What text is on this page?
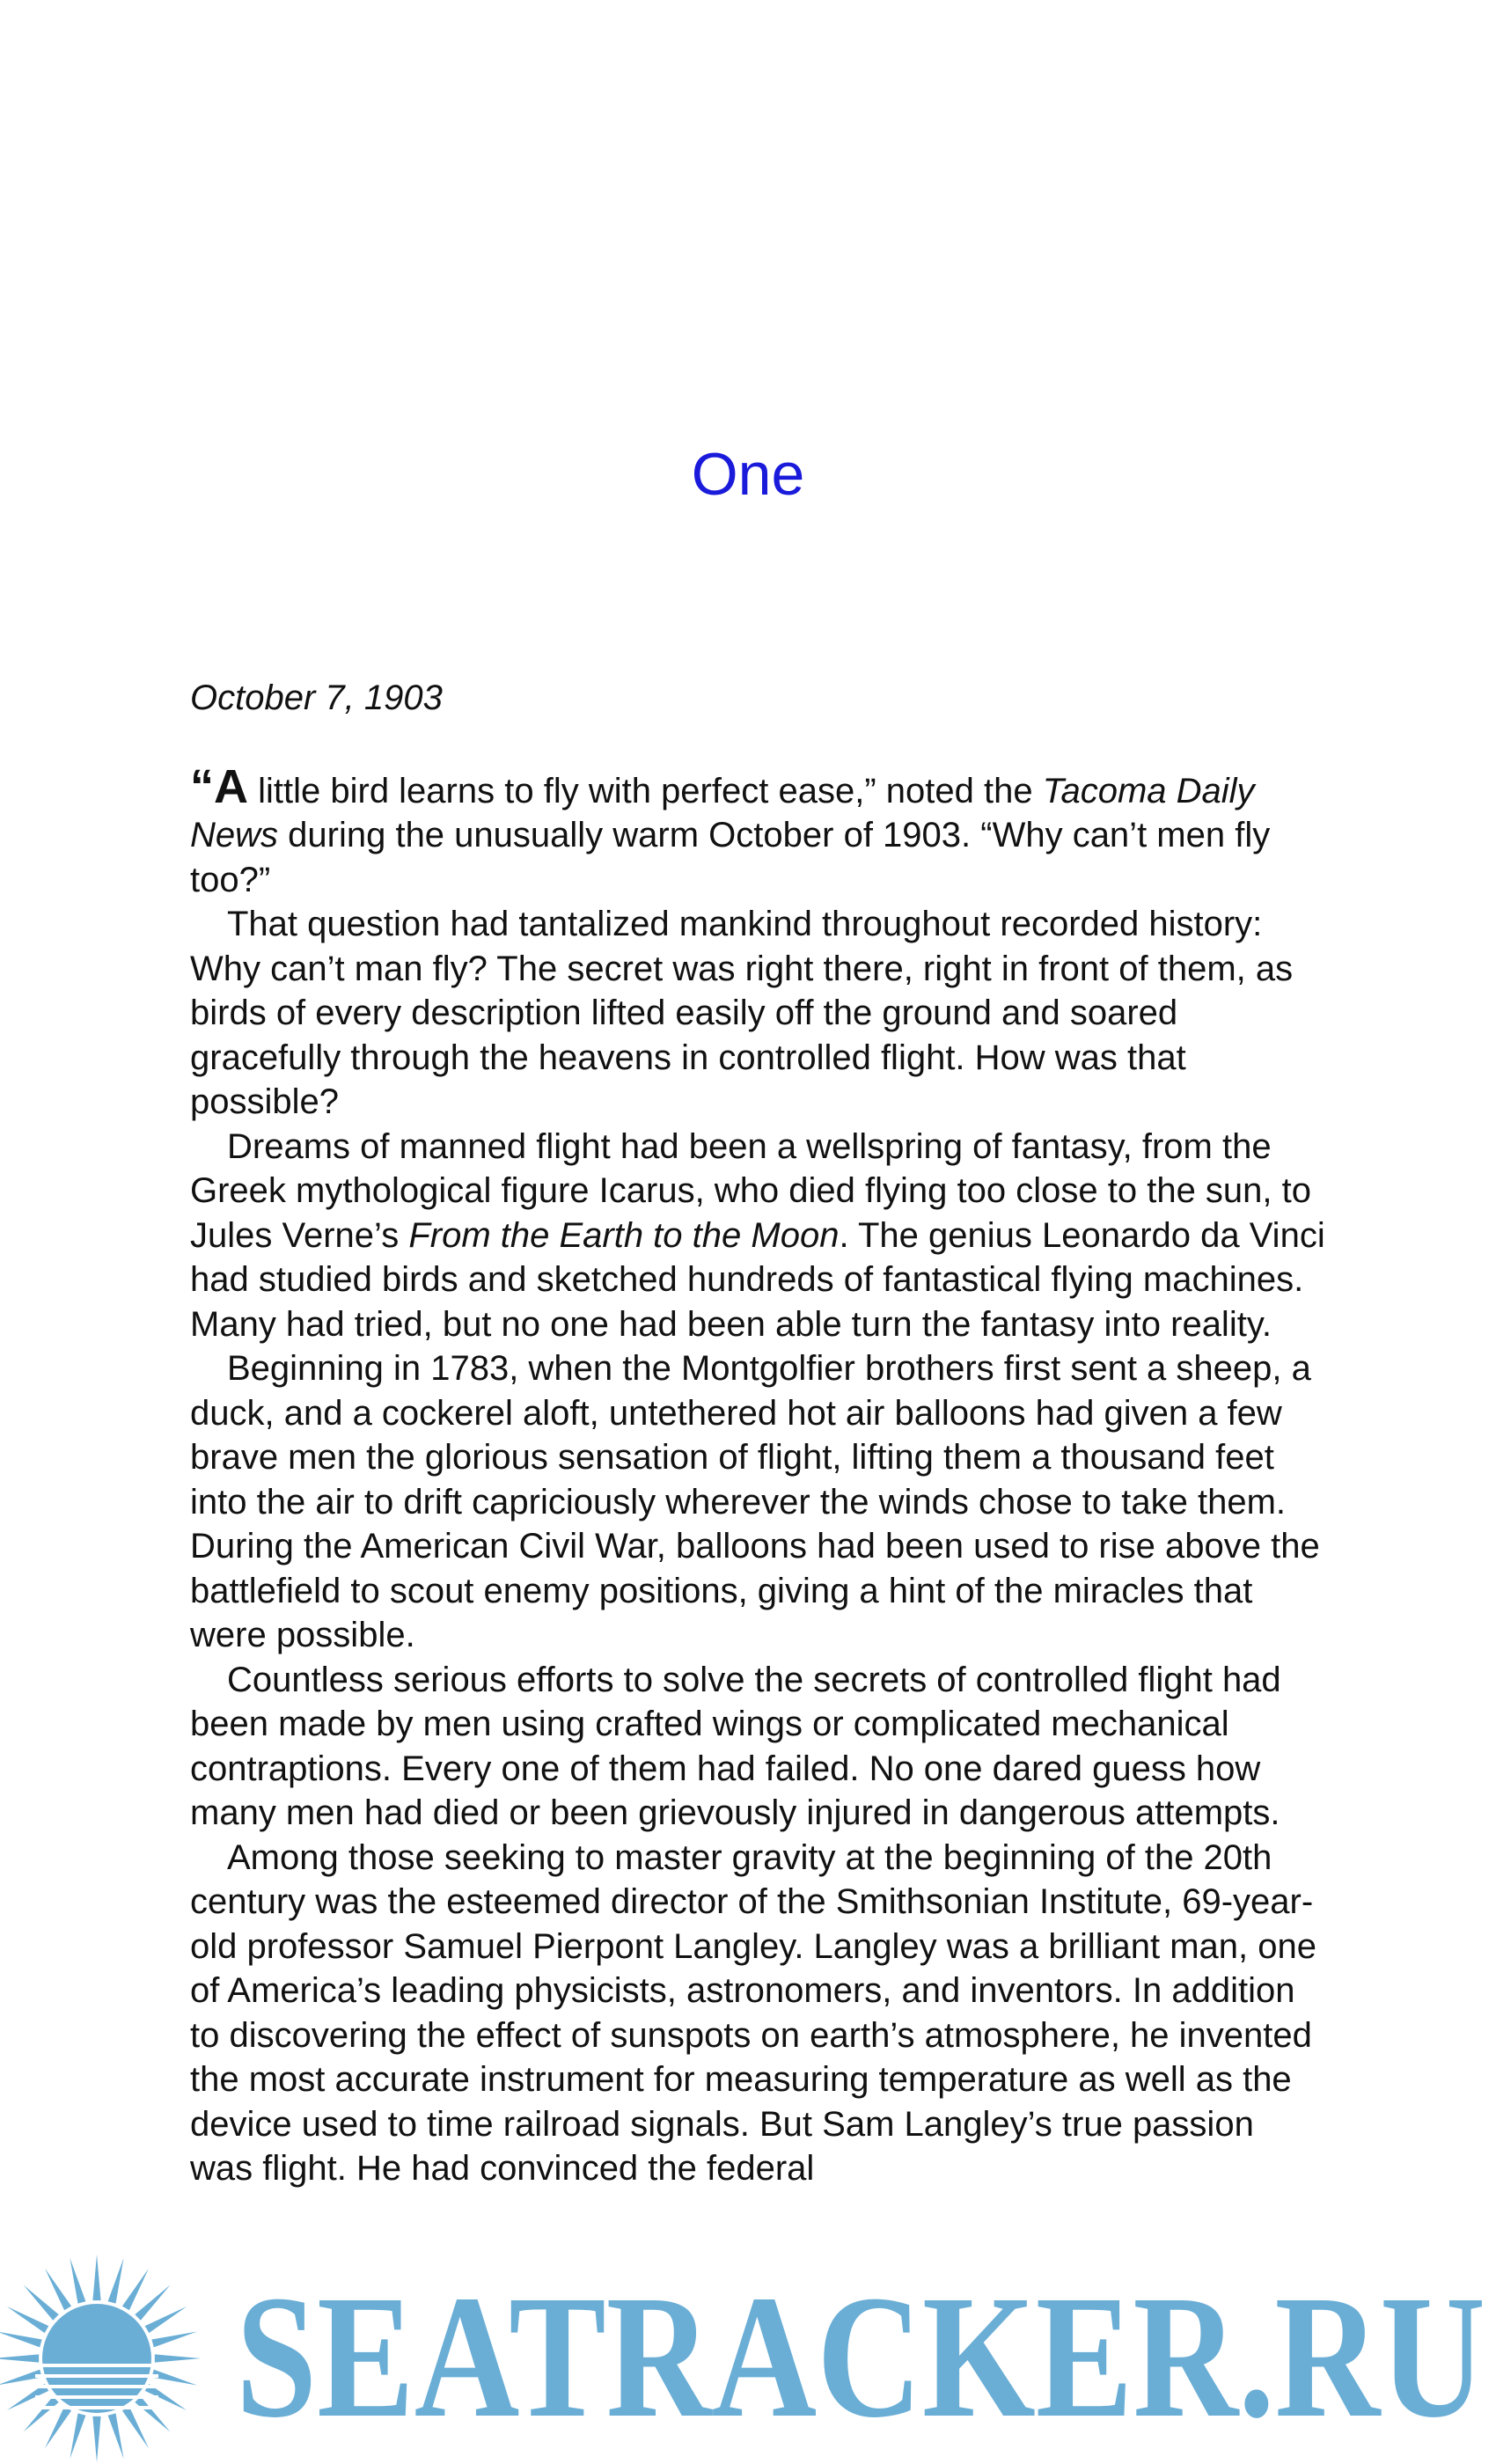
One
October 7, 1903

“A little bird learns to fly with perfect ease,” noted the Tacoma Daily News during the unusually warm October of 1903. “Why can’t men fly too?”

That question had tantalized mankind throughout recorded history: Why can’t man fly? The secret was right there, right in front of them, as birds of every description lifted easily off the ground and soared gracefully through the heavens in controlled flight. How was that possible?

Dreams of manned flight had been a wellspring of fantasy, from the Greek mythological figure Icarus, who died flying too close to the sun, to Jules Verne’s From the Earth to the Moon. The genius Leonardo da Vinci had studied birds and sketched hundreds of fantastical flying machines. Many had tried, but no one had been able turn the fantasy into reality.

Beginning in 1783, when the Montgolfier brothers first sent a sheep, a duck, and a cockerel aloft, untethered hot air balloons had given a few brave men the glorious sensation of flight, lifting them a thousand feet into the air to drift capriciously wherever the winds chose to take them. During the American Civil War, balloons had been used to rise above the battlefield to scout enemy positions, giving a hint of the miracles that were possible.

Countless serious efforts to solve the secrets of controlled flight had been made by men using crafted wings or complicated mechanical contraptions. Every one of them had failed. No one dared guess how many men had died or been grievously injured in dangerous attempts.

Among those seeking to master gravity at the beginning of the 20th century was the esteemed director of the Smithsonian Institute, 69-year-old professor Samuel Pierpont Langley. Langley was a brilliant man, one of America’s leading physicists, astronomers, and inventors. In addition to discovering the effect of sunspots on earth’s atmosphere, he invented the most accurate instrument for measuring temperature as well as the device used to time railroad signals. But Sam Langley’s true passion was flight. He had convinced the federal

SEATRACKER.RU
